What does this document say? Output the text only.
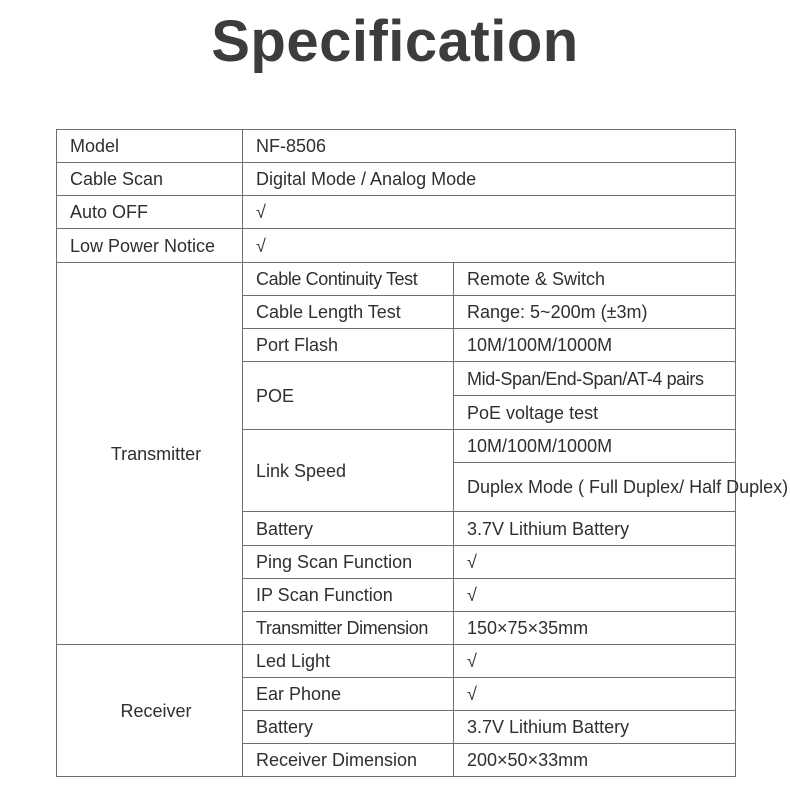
Specification
Model	NF-8506	
Cable Scan	Digital Mode / Analog Mode	
Auto OFF	√	
Low Power Notice	√	
Transmitter	Cable Continuity Test	Remote & Switch
	Cable Length Test	Range: 5~200m (±3m)
	Port Flash	10M/100M/1000M
	POE	Mid-Span/End-Span/AT-4 pairs
		PoE voltage test
	Link Speed	10M/100M/1000M
		Duplex Mode ( Full Duplex/ Half Duplex)
	Battery	3.7V Lithium Battery
	Ping Scan Function	√
	IP Scan Function	√
	Transmitter Dimension	150×75×35mm
Receiver	Led Light	√
	Ear Phone	√
	Battery	3.7V Lithium Battery
	Receiver Dimension	200×50×33mm
